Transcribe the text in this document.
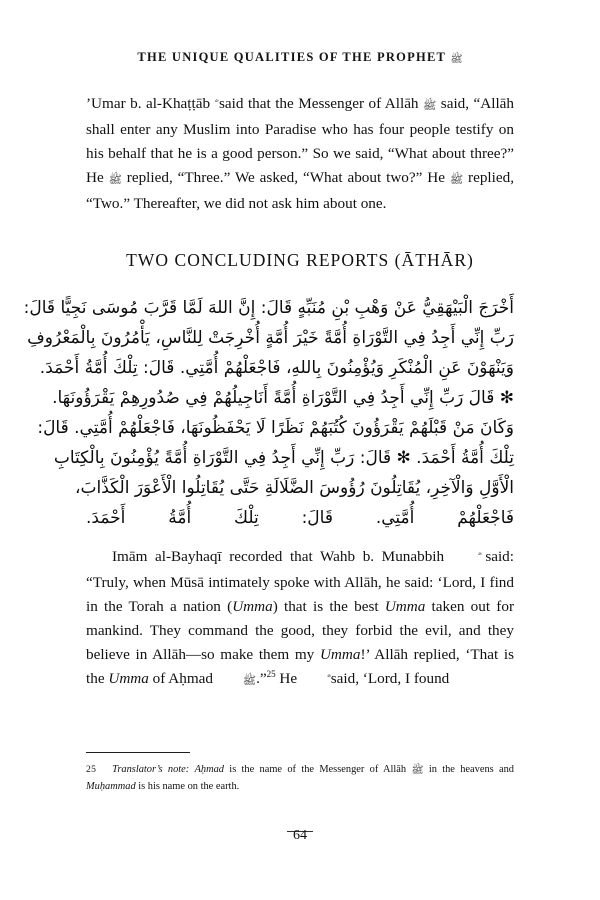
THE UNIQUE QUALITIES OF THE PROPHET ﷺ

’Umar b. al-Khaṭṭāb  said that the Messenger of Allāh ﷺ said, “Allāh shall enter any Muslim into Paradise who has four people testify on his behalf that he is a good person.” So we said, “What about three?” He ﷺ replied, “Three.” We asked, “What about two?” He ﷺ replied, “Two.” Thereafter, we did not ask him about one.

TWO CONCLUDING REPORTS (ĀTHĀR)
أَخْرَجَ الْبَيْهَقِيُّ عَنْ وَهْبِ بْنِ مُنَبِّهٍ قَالَ: إِنَّ اللهَ لَمَّا قَرَّبَ مُوسَى نَجِيًّا قَالَ:
رَبِّ إِنِّي أَجِدُ فِي التَّوْرَاةِ أُمَّةً خَيْرَ أُمَّةٍ أُخْرِجَتْ لِلنَّاسِ، يَأْمُرُونَ بِالْمَعْرُوفِ
وَيَنْهَوْنَ عَنِ الْمُنْكَرِ وَيُؤْمِنُونَ بِاللهِ، فَاجْعَلْهُمْ أُمَّتِي. قَالَ: تِلْكَ أُمَّةُ أَحْمَدَ.
✻ قَالَ رَبِّ إِنِّي أَجِدُ فِي التَّوْرَاةِ أُمَّةً أَنَاجِيلُهُمْ فِي صُدُورِهِمْ يَقْرَؤُونَهَا.
وَكَانَ مَنْ قَبْلَهُمْ يَقْرَؤُونَ كُتُبَهُمْ نَظَرًا لَا يَحْفَظُونَهَا، فَاجْعَلْهُمْ أُمَّتِي. قَالَ:
تِلْكَ أُمَّةُ أَحْمَدَ. ✻ قَالَ: رَبِّ إِنِّي أَجِدُ فِي التَّوْرَاةِ أُمَّةً يُؤْمِنُونَ بِالْكِتَابِ
الْأَوَّلِ وَالْآخِرِ، يُقَاتِلُونَ رُؤُوسَ الضَّلَالَةِ حَتَّى يُقَاتِلُوا الْأَعْوَرَ الْكَذَّابَ،
فَاجْعَلْهُمْ أُمَّتِي. قَالَ: تِلْكَ أُمَّةُ أَحْمَدَ.

Imām al-Bayhaqī recorded that Wahb b. Munabbih  said: “Truly, when Mūsā intimately spoke with Allāh, he said: ‘Lord, I find in the Torah a nation (Umma) that is the best Umma taken out for mankind. They command the good, they forbid the evil, and they believe in Allāh—so make them my Umma!’ Allāh replied, ‘That is the Umma of Aḥmad ﷺ.”$^{25}$ He  said, ‘Lord, I found

25 Translator’s note: Aḥmad is the name of the Messenger of Allāh ﷺ in the heavens and Muḥammad is his name on the earth.
64
